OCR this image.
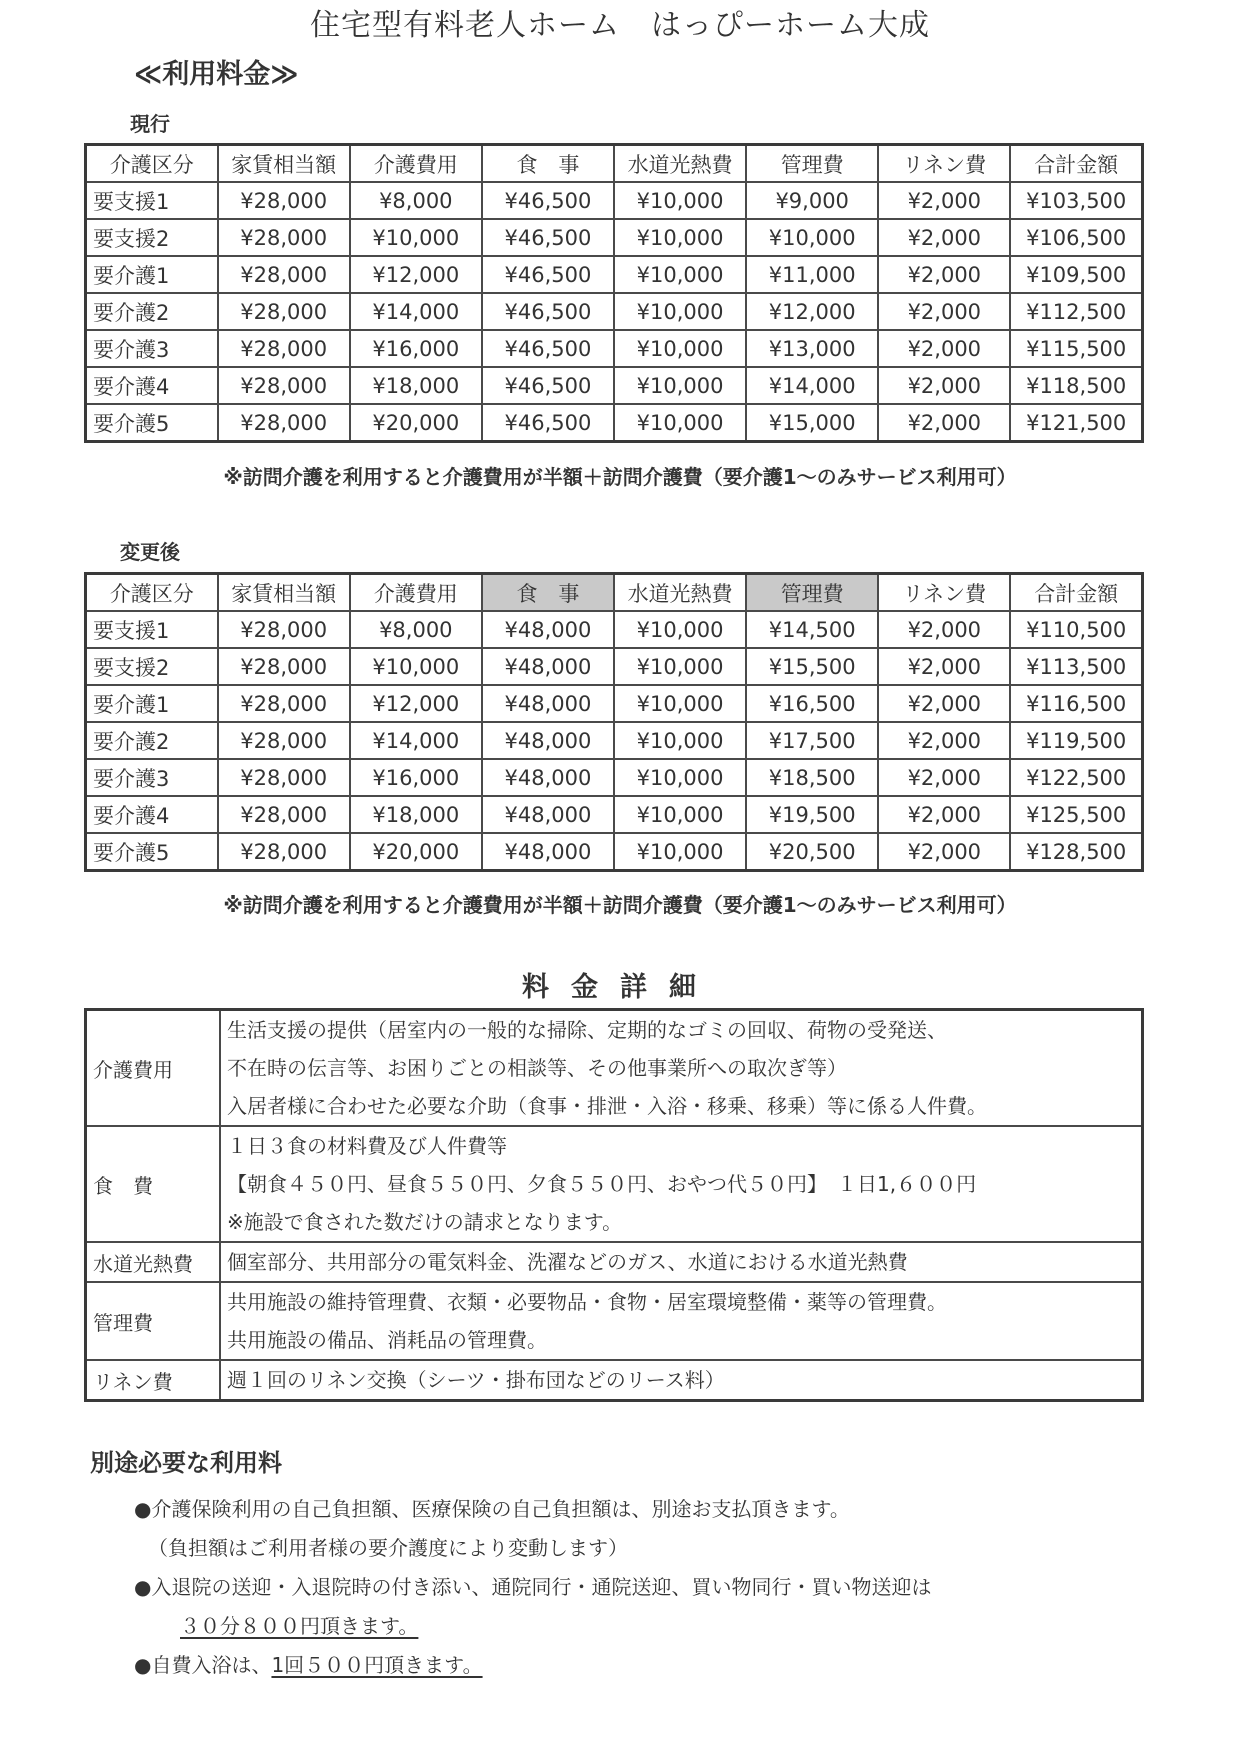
住宅型有料老人ホーム　はっぴーホーム大成
≪利用料金≫
現行
介護区分	家賃相当額	介護費用	食　事	水道光熱費	管理費	リネン費	合計金額
要支援1	¥28,000	¥8,000	¥46,500	¥10,000	¥9,000	¥2,000	¥103,500
要支援2	¥28,000	¥10,000	¥46,500	¥10,000	¥10,000	¥2,000	¥106,500
要介護1	¥28,000	¥12,000	¥46,500	¥10,000	¥11,000	¥2,000	¥109,500
要介護2	¥28,000	¥14,000	¥46,500	¥10,000	¥12,000	¥2,000	¥112,500
要介護3	¥28,000	¥16,000	¥46,500	¥10,000	¥13,000	¥2,000	¥115,500
要介護4	¥28,000	¥18,000	¥46,500	¥10,000	¥14,000	¥2,000	¥118,500
要介護5	¥28,000	¥20,000	¥46,500	¥10,000	¥15,000	¥2,000	¥121,500
※訪問介護を利用すると介護費用が半額＋訪問介護費（要介護1～のみサービス利用可）
変更後
介護区分	家賃相当額	介護費用	食　事	水道光熱費	管理費	リネン費	合計金額
要支援1	¥28,000	¥8,000	¥48,000	¥10,000	¥14,500	¥2,000	¥110,500
要支援2	¥28,000	¥10,000	¥48,000	¥10,000	¥15,500	¥2,000	¥113,500
要介護1	¥28,000	¥12,000	¥48,000	¥10,000	¥16,500	¥2,000	¥116,500
要介護2	¥28,000	¥14,000	¥48,000	¥10,000	¥17,500	¥2,000	¥119,500
要介護3	¥28,000	¥16,000	¥48,000	¥10,000	¥18,500	¥2,000	¥122,500
要介護4	¥28,000	¥18,000	¥48,000	¥10,000	¥19,500	¥2,000	¥125,500
要介護5	¥28,000	¥20,000	¥48,000	¥10,000	¥20,500	¥2,000	¥128,500
※訪問介護を利用すると介護費用が半額＋訪問介護費（要介護1～のみサービス利用可）
料金詳細
介護費用	生活支援の提供（居室内の一般的な掃除、定期的なゴミの回収、荷物の受発送、
不在時の伝言等、お困りごとの相談等、その他事業所への取次ぎ等）
入居者様に合わせた必要な介助（食事・排泄・入浴・移乗、移乗）等に係る人件費。

食　費	１日３食の材料費及び人件費等
【朝食４５０円、昼食５５０円、夕食５５０円、おやつ代５０円】　１日1,６００円
※施設で食された数だけの請求となります。

水道光熱費	個室部分、共用部分の電気料金、洗濯などのガス、水道における水道光熱費

管理費	共用施設の維持管理費、衣類・必要物品・食物・居室環境整備・薬等の管理費。
共用施設の備品、消耗品の管理費。

リネン費	週１回のリネン交換（シーツ・掛布団などのリース料）
別途必要な利用料
●介護保険利用の自己負担額、医療保険の自己負担額は、別途お支払頂きます。
（負担額はご利用者様の要介護度により変動します）
●入退院の送迎・入退院時の付き添い、通院同行・通院送迎、買い物同行・買い物送迎は
３０分８００円頂きます。
●自費入浴は、1回５００円頂きます。
